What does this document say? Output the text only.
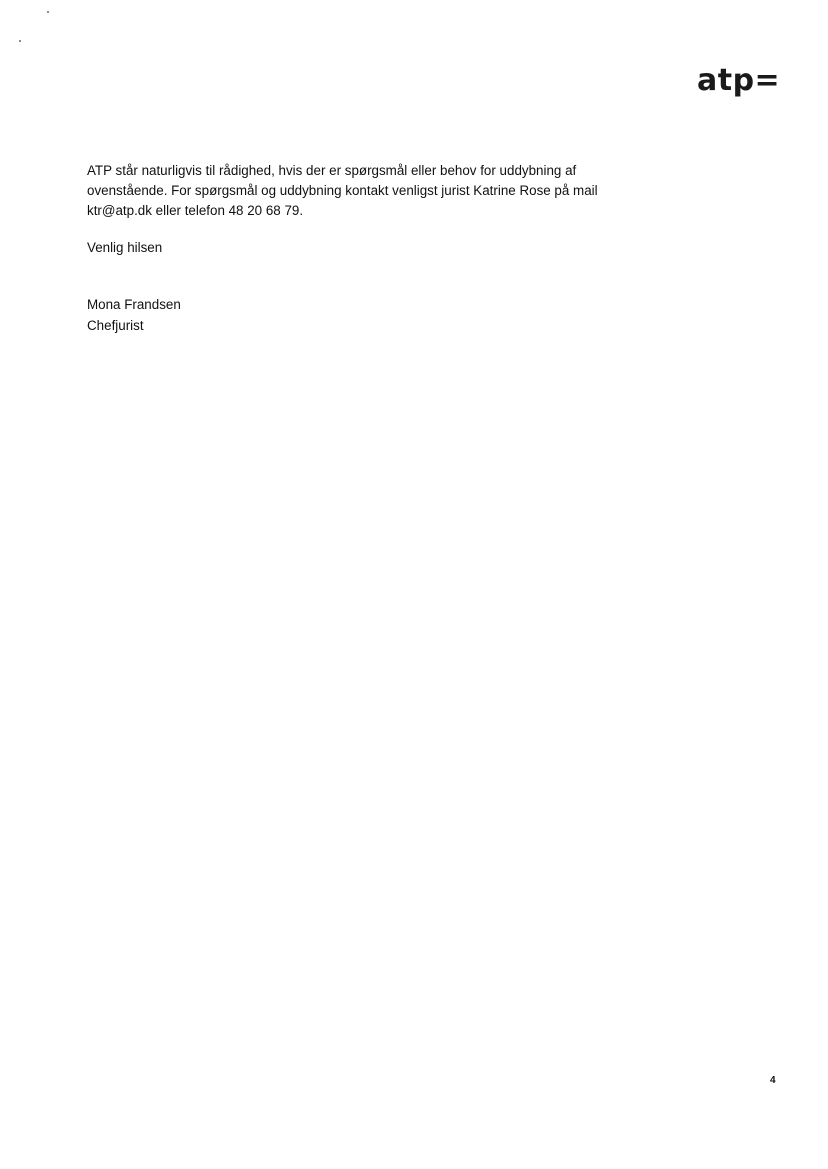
atp=
ATP står naturligvis til rådighed, hvis der er spørgsmål eller behov for uddybning af
ovenstående. For spørgsmål og uddybning kontakt venligst jurist Katrine Rose på mail
ktr@atp.dk eller telefon 48 20 68 79.
Venlig hilsen
Mona Frandsen
Chefjurist
4
